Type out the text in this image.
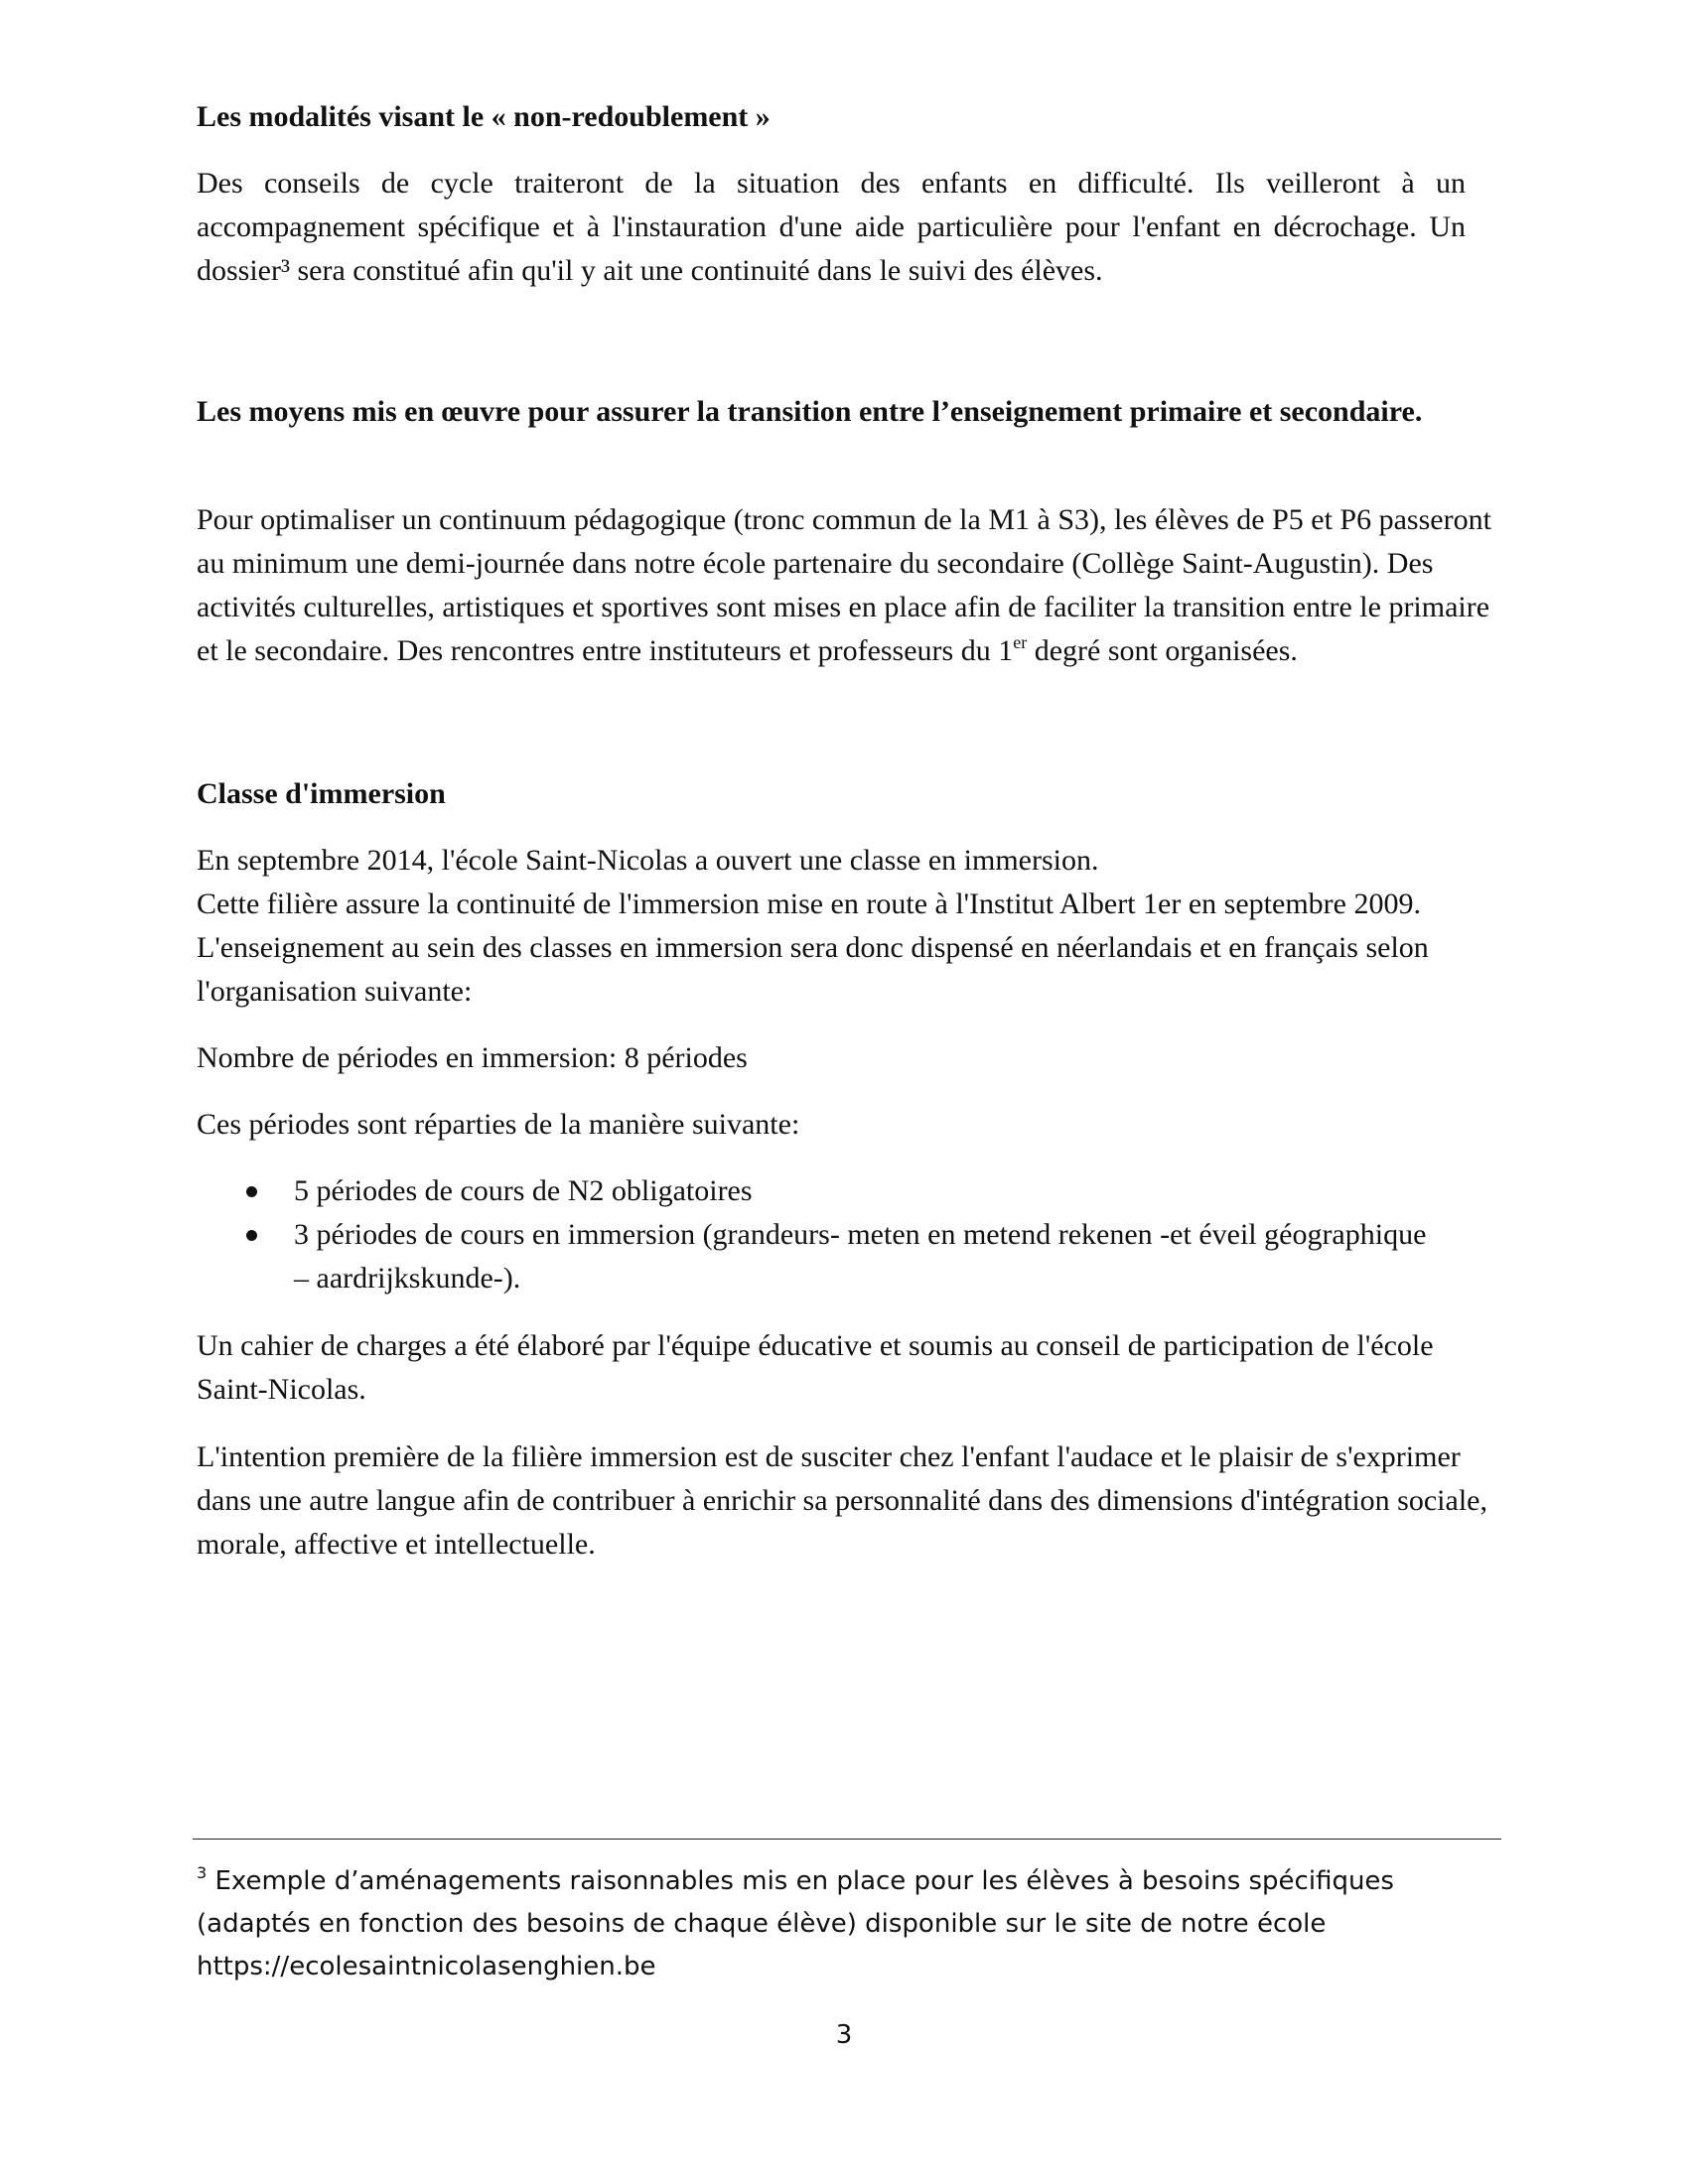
Les modalités visant le « non-redoublement »

Des conseils de cycle traiteront de la situation des enfants en difficulté. Ils veilleront à un accompagnement spécifique et à l'instauration d'une aide particulière pour l'enfant en décrochage. Un dossier³ sera constitué afin qu'il y ait une continuité dans le suivi des élèves.

Les moyens mis en œuvre pour assurer la transition entre l’enseignement primaire et secondaire.

Pour optimaliser un continuum pédagogique (tronc commun de la M1 à S3), les élèves de P5 et P6 passeront au minimum une demi-journée dans notre école partenaire du secondaire (Collège Saint-Augustin). Des activités culturelles, artistiques et sportives sont mises en place afin de faciliter la transition entre le primaire et le secondaire. Des rencontres entre instituteurs et professeurs du 1er degré sont organisées.

Classe d'immersion

En septembre 2014, l'école Saint-Nicolas a ouvert une classe en immersion.

Cette filière assure la continuité de l'immersion mise en route à l'Institut Albert 1er en septembre 2009. L'enseignement au sein des classes en immersion sera donc dispensé en néerlandais et en français selon l'organisation suivante:

Nombre de périodes en immersion: 8 périodes

Ces périodes sont réparties de la manière suivante:

5 périodes de cours de N2 obligatoires
3 périodes de cours en immersion (grandeurs- meten en metend rekenen -et éveil géographique – aardrijkskunde-).

Un cahier de charges a été élaboré par l'équipe éducative et soumis au conseil de participation de l'école Saint-Nicolas.

L'intention première de la filière immersion est de susciter chez l'enfant l'audace et le plaisir de s'exprimer dans une autre langue afin de contribuer à enrichir sa personnalité dans des dimensions d'intégration sociale, morale, affective et intellectuelle.

$^3$ Exemple d’aménagements raisonnables mis en place pour les élèves à besoins spécifiques (adaptés en fonction des besoins de chaque élève) disponible sur le site de notre école
https://ecolesaintnicolasenghien.be
3
